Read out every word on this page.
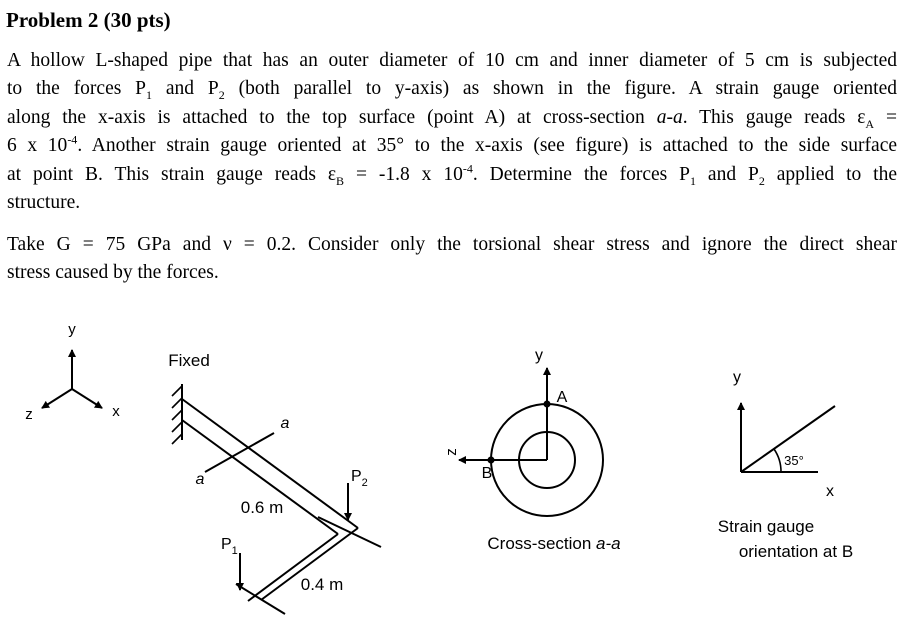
Problem 2 (30 pts)

A hollow L-shaped pipe that has an outer diameter of 10 cm and inner diameter of 5 cm is subjected
to the forces $P_1$ and $P_2$ (both parallel to y-axis) as shown in the figure. A strain gauge oriented
along the x-axis is attached to the top surface (point A) at cross-section a-a. This gauge reads $\varepsilon_A$ =
6 x $10^{-4}$. Another strain gauge oriented at 35° to the x-axis (see figure) is attached to the side surface
at point B. This strain gauge reads $\varepsilon_B = -1.8$ x $10^{-4}$. Determine the forces $P_1$ and $P_2$ applied to the
structure.

Take G = 75 GPa and ν = 0.2. Consider only the torsional shear stress and ignore the direct shear
stress caused by the forces.

y
x
z
Fixed
a
a
0.6 m
0.4 m
$P_2$
$P_1$
y
z
A
B
Cross-section a-a
y
x
35°
Strain gauge
orientation at B
